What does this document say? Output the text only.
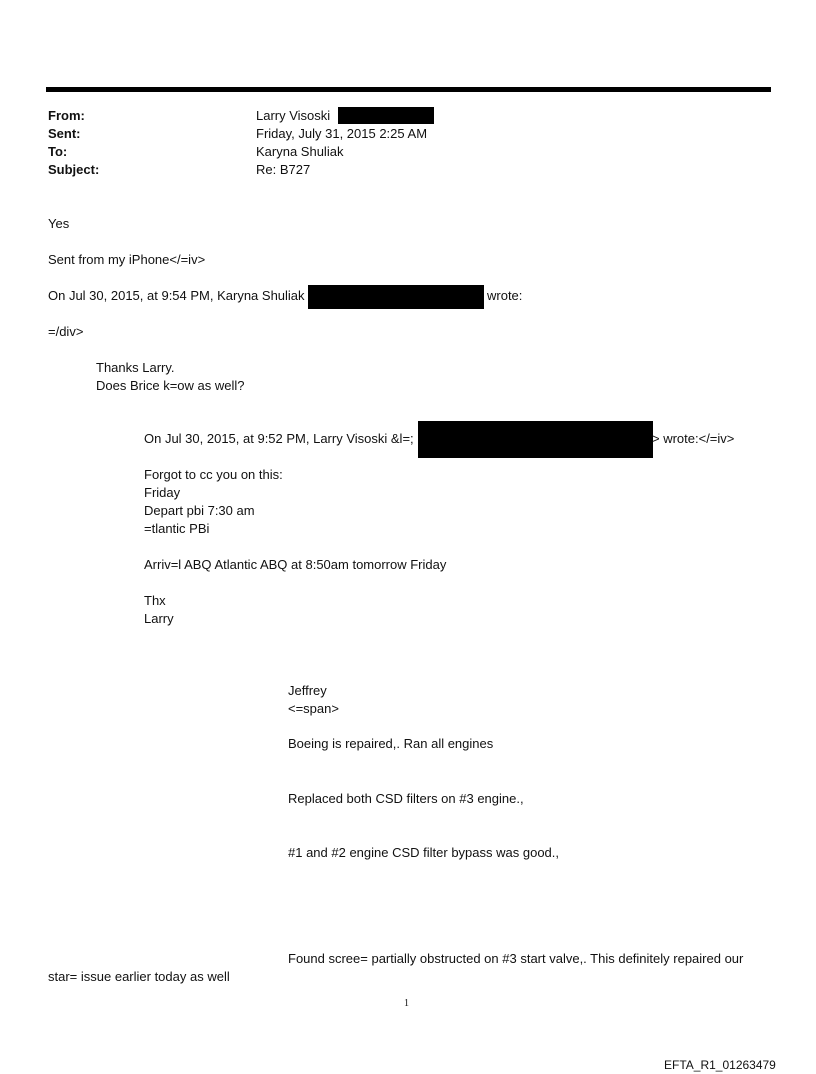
From:	Larry Visoski
Sent:	Friday, July 31, 2015 2:25 AM
To:	Karyna Shuliak
Subject:	Re: B727
Yes
Sent from my iPhone</=iv>
On Jul 30, 2015, at 9:54 PM, Karyna Shuliak	wrote:
=/div>
Thanks Larry.
Does Brice k=ow as well?
On Jul 30, 2015, at 9:52 PM, Larry Visoski &l=;	> wrote:</=iv>
Forgot to cc you on this:
Friday
Depart pbi 7:30 am
=tlantic PBi
Arriv=l ABQ Atlantic ABQ at 8:50am tomorrow Friday
Thx
Larry
Jeffrey
<=span>
Boeing is repaired,. Ran all engines
Replaced both CSD filters on #3 engine.,
#1 and #2 engine CSD filter bypass was good.,
Found scree= partially obstructed on #3 start valve,. This definitely repaired our
star= issue earlier today as well
1
EFTA_R1_01263479
